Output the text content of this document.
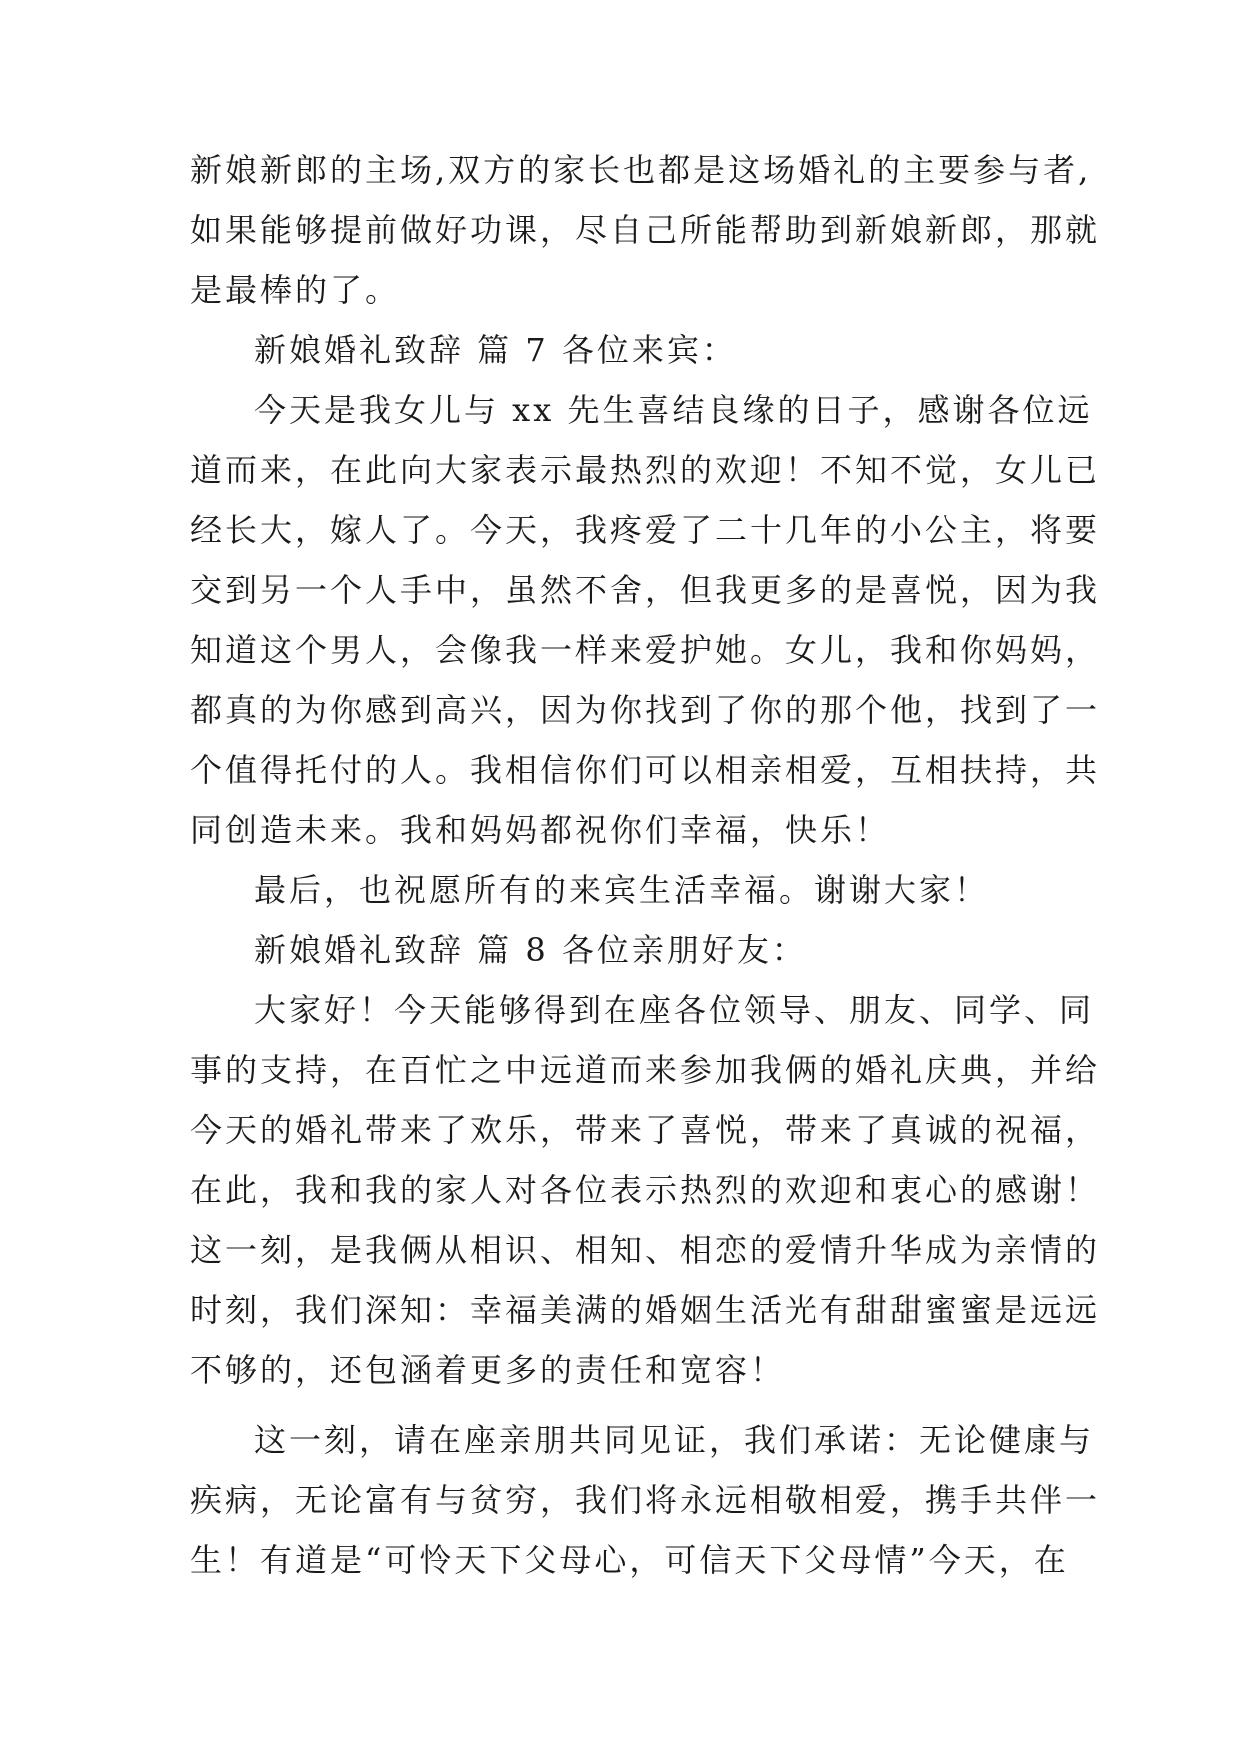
新娘新郎的主场,双方的家长也都是这场婚礼的主要参与者,
如果能够提前做好功课，尽自己所能帮助到新娘新郎，那就
是最棒的了。
新娘婚礼致辞 篇 7 各位来宾：
今天是我女儿与 xx 先生喜结良缘的日子，感谢各位远
道而来，在此向大家表示最热烈的欢迎！不知不觉，女儿已
经长大，嫁人了。今天，我疼爱了二十几年的小公主，将要
交到另一个人手中，虽然不舍，但我更多的是喜悦，因为我
知道这个男人，会像我一样来爱护她。女儿，我和你妈妈，
都真的为你感到高兴，因为你找到了你的那个他，找到了一
个值得托付的人。我相信你们可以相亲相爱，互相扶持，共
同创造未来。我和妈妈都祝你们幸福，快乐！
最后，也祝愿所有的来宾生活幸福。谢谢大家！
新娘婚礼致辞 篇 8 各位亲朋好友：
大家好！今天能够得到在座各位领导、朋友、同学、同
事的支持，在百忙之中远道而来参加我俩的婚礼庆典，并给
今天的婚礼带来了欢乐，带来了喜悦，带来了真诚的祝福，
在此，我和我的家人对各位表示热烈的欢迎和衷心的感谢！
这一刻，是我俩从相识、相知、相恋的爱情升华成为亲情的
时刻，我们深知：幸福美满的婚姻生活光有甜甜蜜蜜是远远
不够的，还包涵着更多的责任和宽容！
这一刻，请在座亲朋共同见证，我们承诺：无论健康与
疾病，无论富有与贫穷，我们将永远相敬相爱，携手共伴一
生！有道是“可怜天下父母心，可信天下父母情”今天，在
